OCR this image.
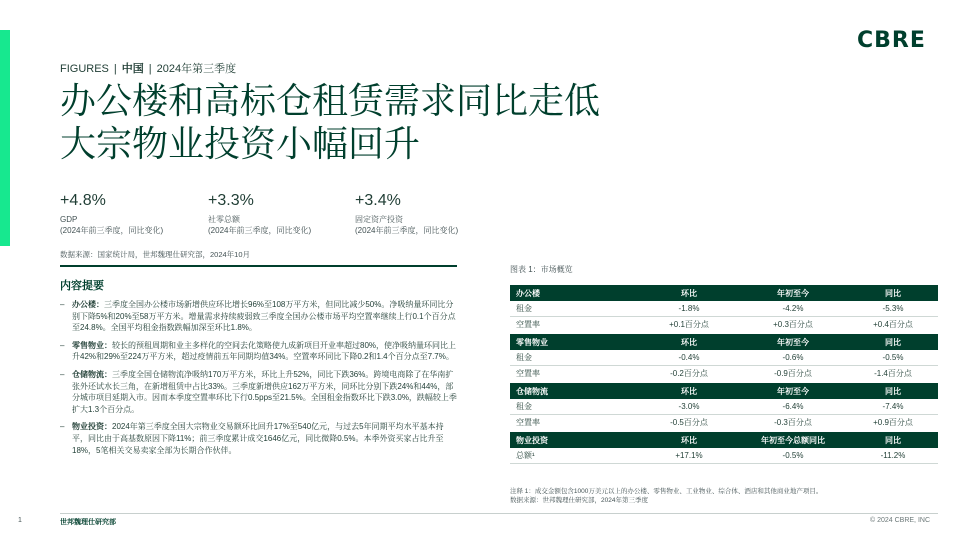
CBRE
FIGURES | 中国 | 2024年第三季度
办公楼和高标仓租赁需求同比走低
大宗物业投资小幅回升
+4.8%
GDP
(2024年前三季度，同比变化)
+3.3%
社零总额
(2024年前三季度，同比变化)
+3.4%
固定资产投资
(2024年前三季度，同比变化)
数据来源：国家统计局，世邦魏理仕研究部，2024年10月
内容提要
– 办公楼：三季度全国办公楼市场新增供应环比增长96%至108万平方米，但同比减少50%。净吸纳量环同比分别下降5%和20%至58万平方米。增量需求持续疲弱致三季度全国办公楼市场平均空置率继续上行0.1个百分点至24.8%。全国平均租金指数跌幅加深至环比1.8%。
– 零售物业：较长的预租周期和业主多样化的空间去化策略使九成新项目开业率超过80%，使净吸纳量环同比上升42%和29%至224万平方米，超过疫情前五年同期均值34%。空置率环同比下降0.2和1.4个百分点至7.7%。
– 仓储物流：三季度全国仓储物流净吸纳170万平方米，环比上升52%，同比下跌36%。跨境电商除了在华南扩张外还试水长三角，在新增租赁中占比33%。三季度新增供应162万平方米，同环比分别下跌24%和44%，部分城市项目延期入市。因而本季度空置率环比下行0.5pps至21.5%。全国租金指数环比下跌3.0%，跌幅较上季扩大1.3个百分点。
– 物业投资：2024年第三季度全国大宗物业交易额环比回升17%至540亿元，与过去5年同期平均水平基本持平，同比由于高基数原因下降11%；前三季度累计成交1646亿元，同比微降0.5%。本季外资买家占比升至18%，5笔相关交易卖家全部为长期合作伙伴。
图表 1：市场概览
办公楼	环比	年初至今	同比
租金	-1.8%	-4.2%	-5.3%
空置率	+0.1百分点	+0.3百分点	+0.4百分点
零售物业	环比	年初至今	同比
租金	-0.4%	-0.6%	-0.5%
空置率	-0.2百分点	-0.9百分点	-1.4百分点
仓储物流	环比	年初至今	同比
租金	-3.0%	-6.4%	-7.4%
空置率	-0.5百分点	-0.3百分点	+0.9百分点
物业投资	环比	年初至今总额同比	同比
总额¹	+17.1%	-0.5%	-11.2%
注释 1：成交金额包含1000万美元以上的办公楼、零售物业、工业物业、综合体、酒店和其他商业地产项目。
数据来源：世邦魏理仕研究部，2024年第三季度
1	世邦魏理仕研究部	© 2024 CBRE, INC
